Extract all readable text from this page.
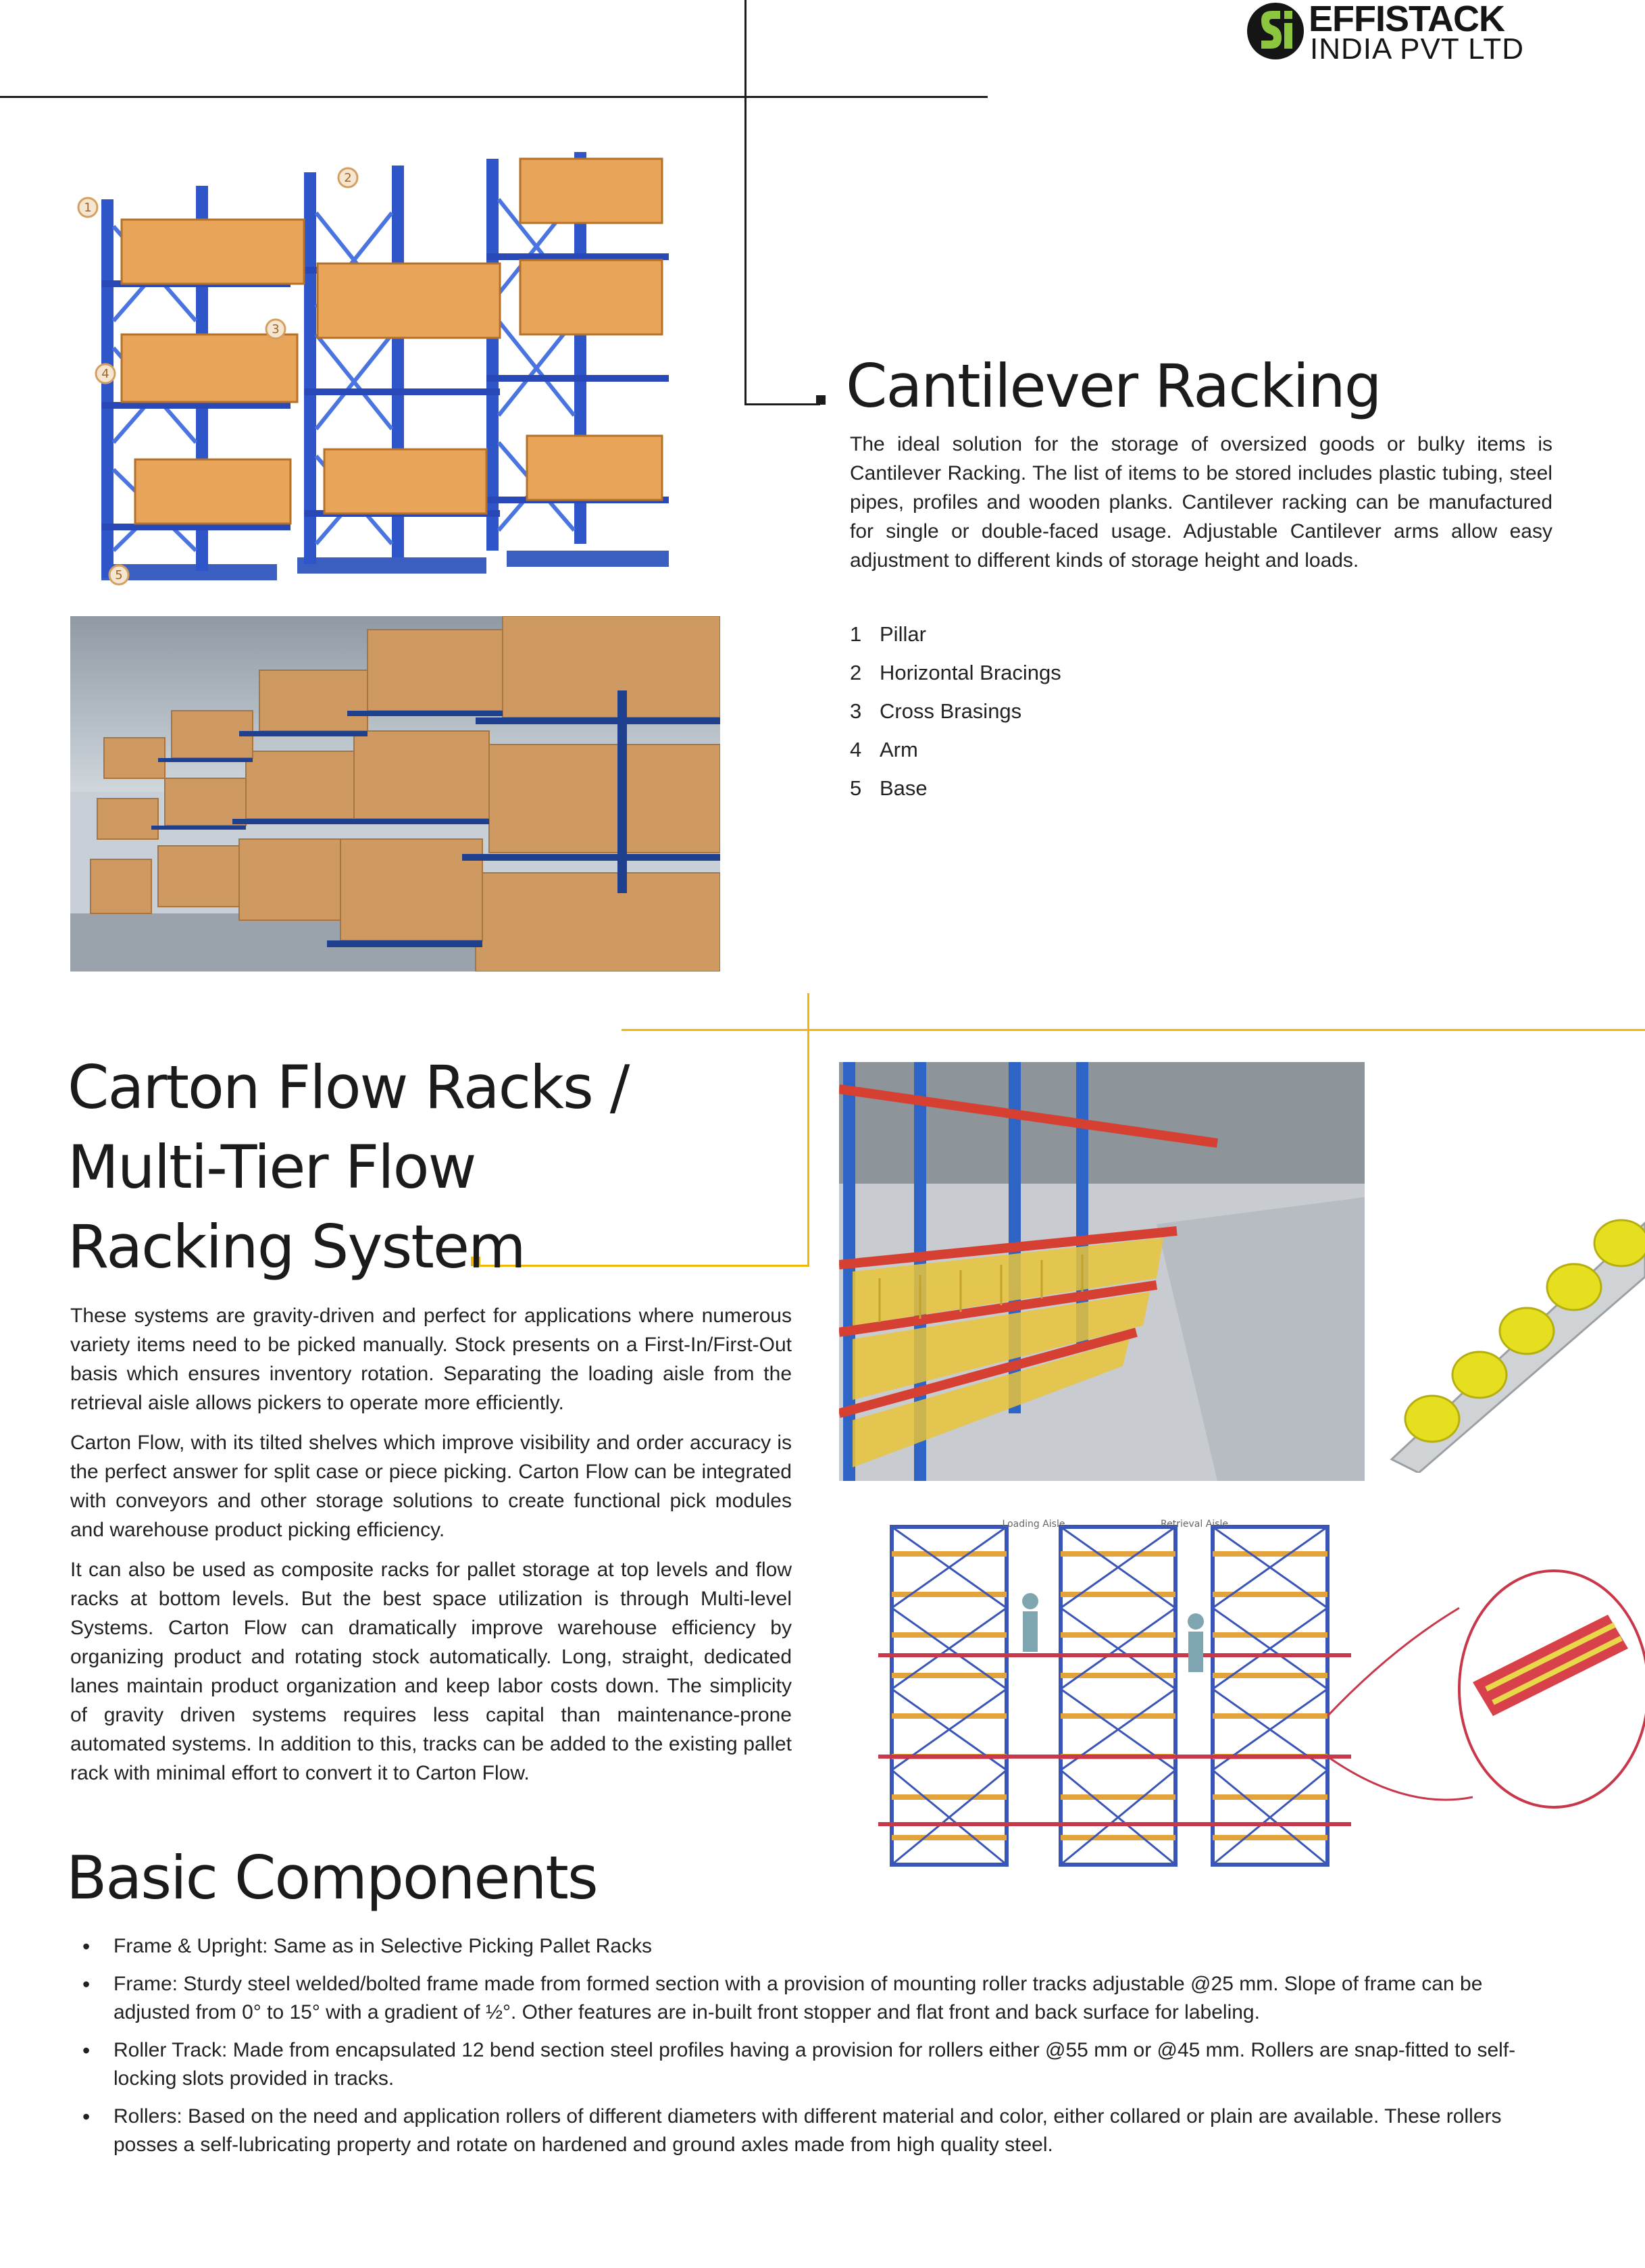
EFFISTACK
INDIA PVT LTD
1
2
3
4
5
Cantilever Racking
The ideal solution for the storage of oversized goods or bulky items is Cantilever Racking. The list of items to be stored includes plastic tubing, steel pipes, profiles and wooden planks. Cantilever racking can be manufactured for single or double-faced usage. Adjustable Cantilever arms allow easy adjustment to different kinds of storage height and loads.
1 Pillar
2 Horizontal Bracings
3 Cross Brasings
4 Arm
5 Base
Carton Flow Racks /
Multi-Tier Flow
Racking System

These systems are gravity-driven and perfect for applications where numerous variety items need to be picked manually. Stock presents on a First-In/First-Out basis which ensures inventory rotation. Separating the loading aisle from the retrieval aisle allows pickers to operate more efficiently.

Carton Flow, with its tilted shelves which improve visibility and order accuracy is the perfect answer for split case or piece picking. Carton Flow can be integrated with conveyors and other storage solutions to create functional pick modules and warehouse product picking efficiency.

It can also be used as composite racks for pallet storage at top levels and flow racks at bottom levels. But the best space utilization is through Multi-level Systems. Carton Flow can dramatically improve warehouse efficiency by organizing product and rotating stock automatically. Long, straight, dedicated lanes maintain product organization and keep labor costs down. The simplicity of gravity driven systems requires less capital than maintenance-prone automated systems. In addition to this, tracks can be added to the existing pallet rack with minimal effort to convert it to Carton Flow.

Loading Aisle	Retrieval Aisle
Basic Components
• Frame & Upright: Same as in Selective Picking Pallet Racks
• Frame: Sturdy steel welded/bolted frame made from formed section with a provision of mounting roller tracks adjustable @25 mm. Slope of frame can be adjusted from 0° to 15° with a gradient of ½°. Other features are in-built front stopper and flat front and back surface for labeling.
• Roller Track: Made from encapsulated 12 bend section steel profiles having a provision for rollers either @55 mm or @45 mm. Rollers are snap-fitted to self-locking slots provided in tracks.
• Rollers: Based on the need and application rollers of different diameters with different material and color, either collared or plain are available. These rollers posses a self-lubricating property and rotate on hardened and ground axles made from high quality steel.
